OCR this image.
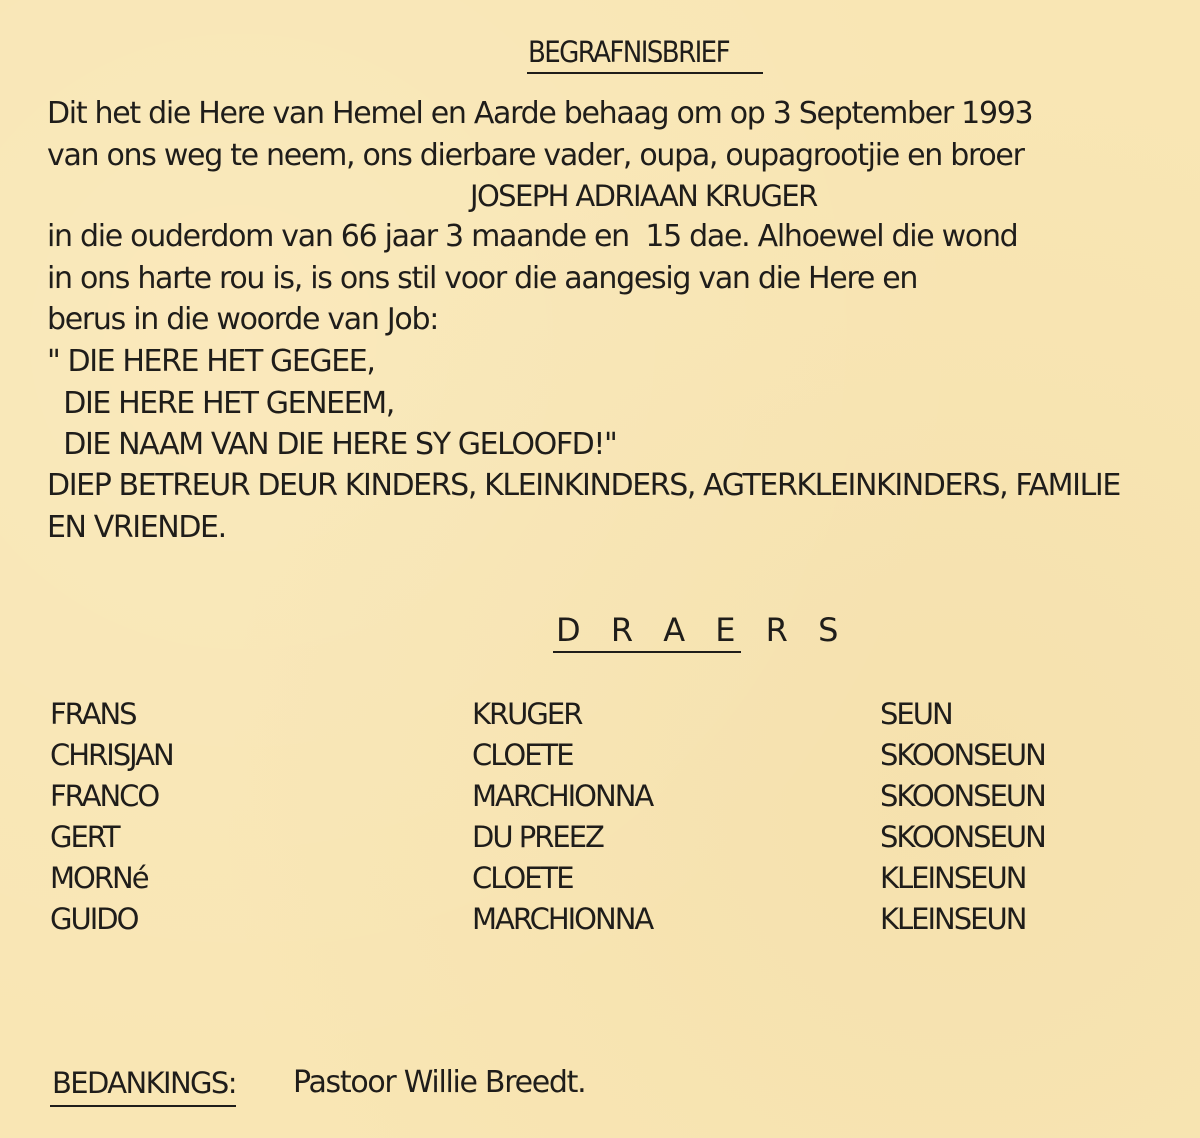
BEGRAFNISBRIEF
Dit het die Here van Hemel en Aarde behaag om op 3 September 1993
van ons weg te neem, ons dierbare vader, oupa, oupagrootjie en broer
JOSEPH ADRIAAN KRUGER
in die ouderdom van 66 jaar 3 maande en  15 dae. Alhoewel die wond
in ons harte rou is, is ons stil voor die aangesig van die Here en
berus in die woorde van Job:
" DIE HERE HET GEGEE,
DIE HERE HET GENEEM,
DIE NAAM VAN DIE HERE SY GELOOFD!"
DIEP BETREUR DEUR KINDERS, KLEINKINDERS, AGTERKLEINKINDERS, FAMILIE
EN VRIENDE.
D R A E R S
FRANS	KRUGER	SEUN
CHRISJAN	CLOETE	SKOONSEUN
FRANCO	MARCHIONNA	SKOONSEUN
GERT	DU PREEZ	SKOONSEUN
MORNé	CLOETE	KLEINSEUN
GUIDO	MARCHIONNA	KLEINSEUN
BEDANKINGS: Pastoor Willie Breedt.
